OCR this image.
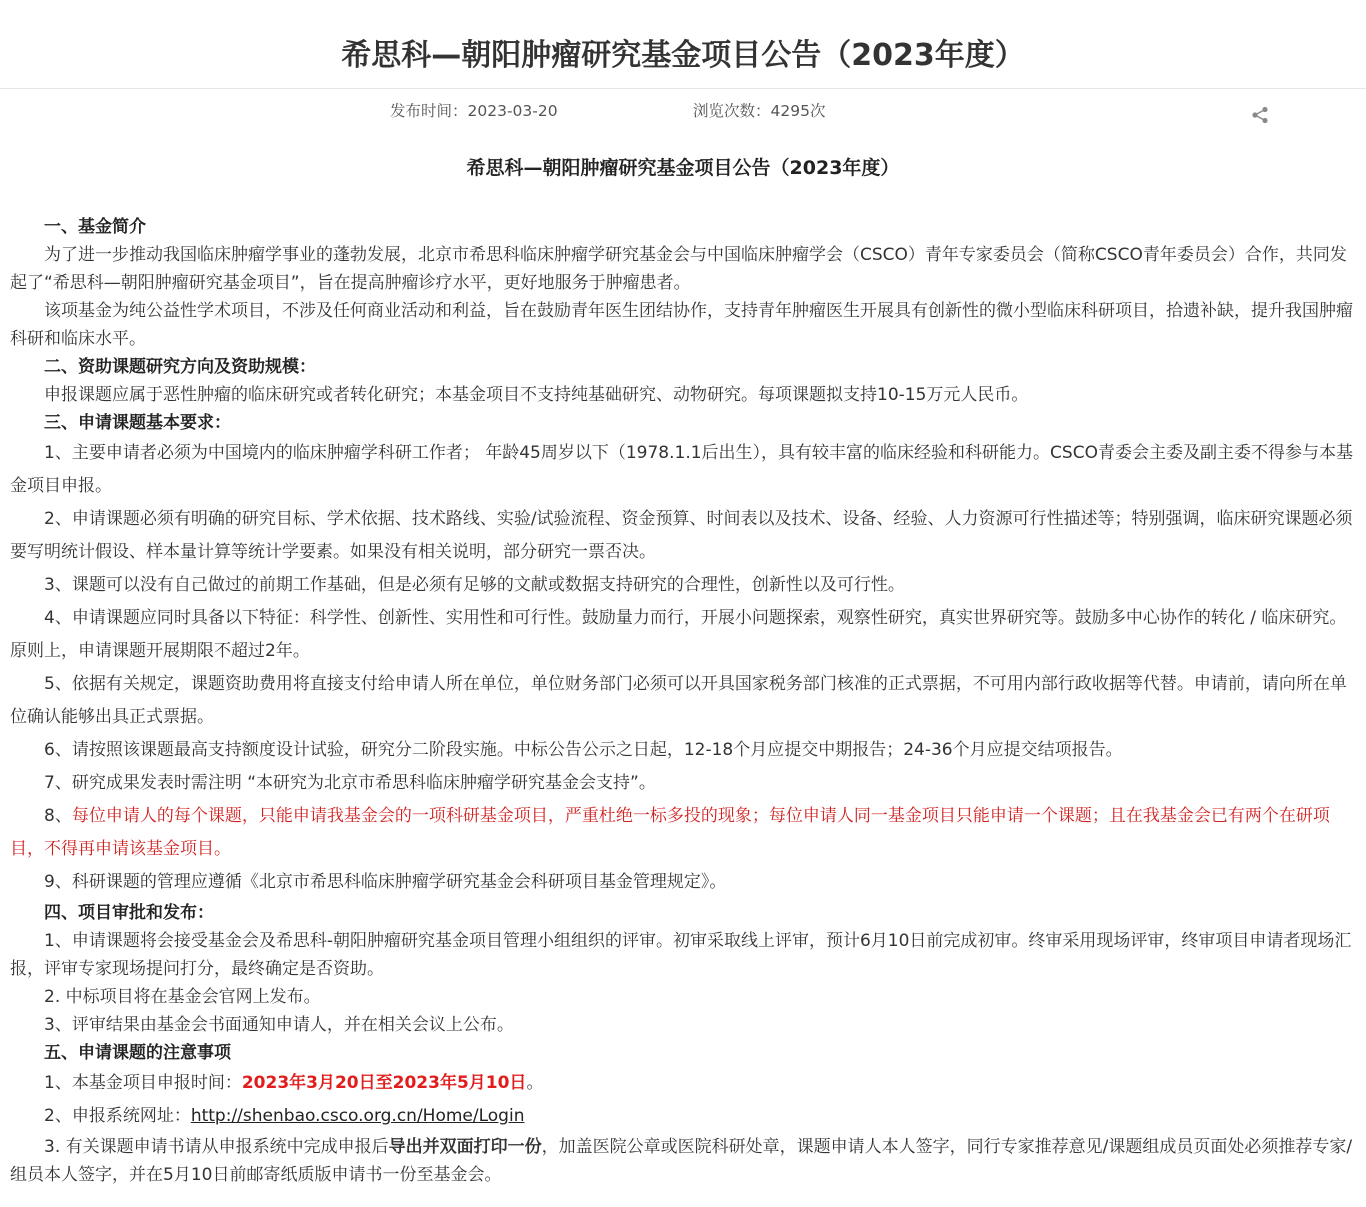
希思科—朝阳肿瘤研究基金项目公告（2023年度）
发布时间：2023-03-20	浏览次数：4295次
希思科—朝阳肿瘤研究基金项目公告（2023年度）
一、基金简介

为了进一步推动我国临床肿瘤学事业的蓬勃发展，北京市希思科临床肿瘤学研究基金会与中国临床肿瘤学会（CSCO）青年专家委员会（简称CSCO青年委员会）合作，共同发起了“希思科—朝阳肿瘤研究基金项目”，旨在提高肿瘤诊疗水平，更好地服务于肿瘤患者。

该项基金为纯公益性学术项目，不涉及任何商业活动和利益，旨在鼓励青年医生团结协作，支持青年肿瘤医生开展具有创新性的微小型临床科研项目，拾遗补缺，提升我国肿瘤科研和临床水平。

二、资助课题研究方向及资助规模：

申报课题应属于恶性肿瘤的临床研究或者转化研究；本基金项目不支持纯基础研究、动物研究。每项课题拟支持10-15万元人民币。

三、申请课题基本要求：

1、主要申请者必须为中国境内的临床肿瘤学科研工作者； 年龄45周岁以下（1978.1.1后出生），具有较丰富的临床经验和科研能力。CSCO青委会主委及副主委不得参与本基金项目申报。

2、申请课题必须有明确的研究目标、学术依据、技术路线、实验/试验流程、资金预算、时间表以及技术、设备、经验、人力资源可行性描述等；特别强调，临床研究课题必须要写明统计假设、样本量计算等统计学要素。如果没有相关说明，部分研究一票否决。

3、课题可以没有自己做过的前期工作基础，但是必须有足够的文献或数据支持研究的合理性，创新性以及可行性。

4、申请课题应同时具备以下特征：科学性、创新性、实用性和可行性。鼓励量力而行，开展小问题探索，观察性研究，真实世界研究等。鼓励多中心协作的转化 / 临床研究。原则上，申请课题开展期限不超过2年。

5、依据有关规定，课题资助费用将直接支付给申请人所在单位，单位财务部门必须可以开具国家税务部门核准的正式票据，不可用内部行政收据等代替。申请前，请向所在单位确认能够出具正式票据。

6、请按照该课题最高支持额度设计试验，研究分二阶段实施。中标公告公示之日起，12-18个月应提交中期报告；24-36个月应提交结项报告。

7、研究成果发表时需注明 “本研究为北京市希思科临床肿瘤学研究基金会支持”。

8、每位申请人的每个课题，只能申请我基金会的一项科研基金项目，严重杜绝一标多投的现象；每位申请人同一基金项目只能申请一个课题；且在我基金会已有两个在研项目，不得再申请该基金项目。

9、科研课题的管理应遵循《北京市希思科临床肿瘤学研究基金会科研项目基金管理规定》。

四、项目审批和发布：

1、申请课题将会接受基金会及希思科-朝阳肿瘤研究基金项目管理小组组织的评审。初审采取线上评审，预计6月10日前完成初审。终审采用现场评审，终审项目申请者现场汇报，评审专家现场提问打分，最终确定是否资助。

2. 中标项目将在基金会官网上发布。

3、评审结果由基金会书面通知申请人，并在相关会议上公布。

五、申请课题的注意事项

1、本基金项目申报时间：2023年3月20日至2023年5月10日。

2、申报系统网址：http://shenbao.csco.org.cn/Home/Login

3. 有关课题申请书请从申报系统中完成申报后导出并双面打印一份，加盖医院公章或医院科研处章，课题申请人本人签字，同行专家推荐意见/课题组成员页面处必须推荐专家/组员本人签字，并在5月10日前邮寄纸质版申请书一份至基金会。
